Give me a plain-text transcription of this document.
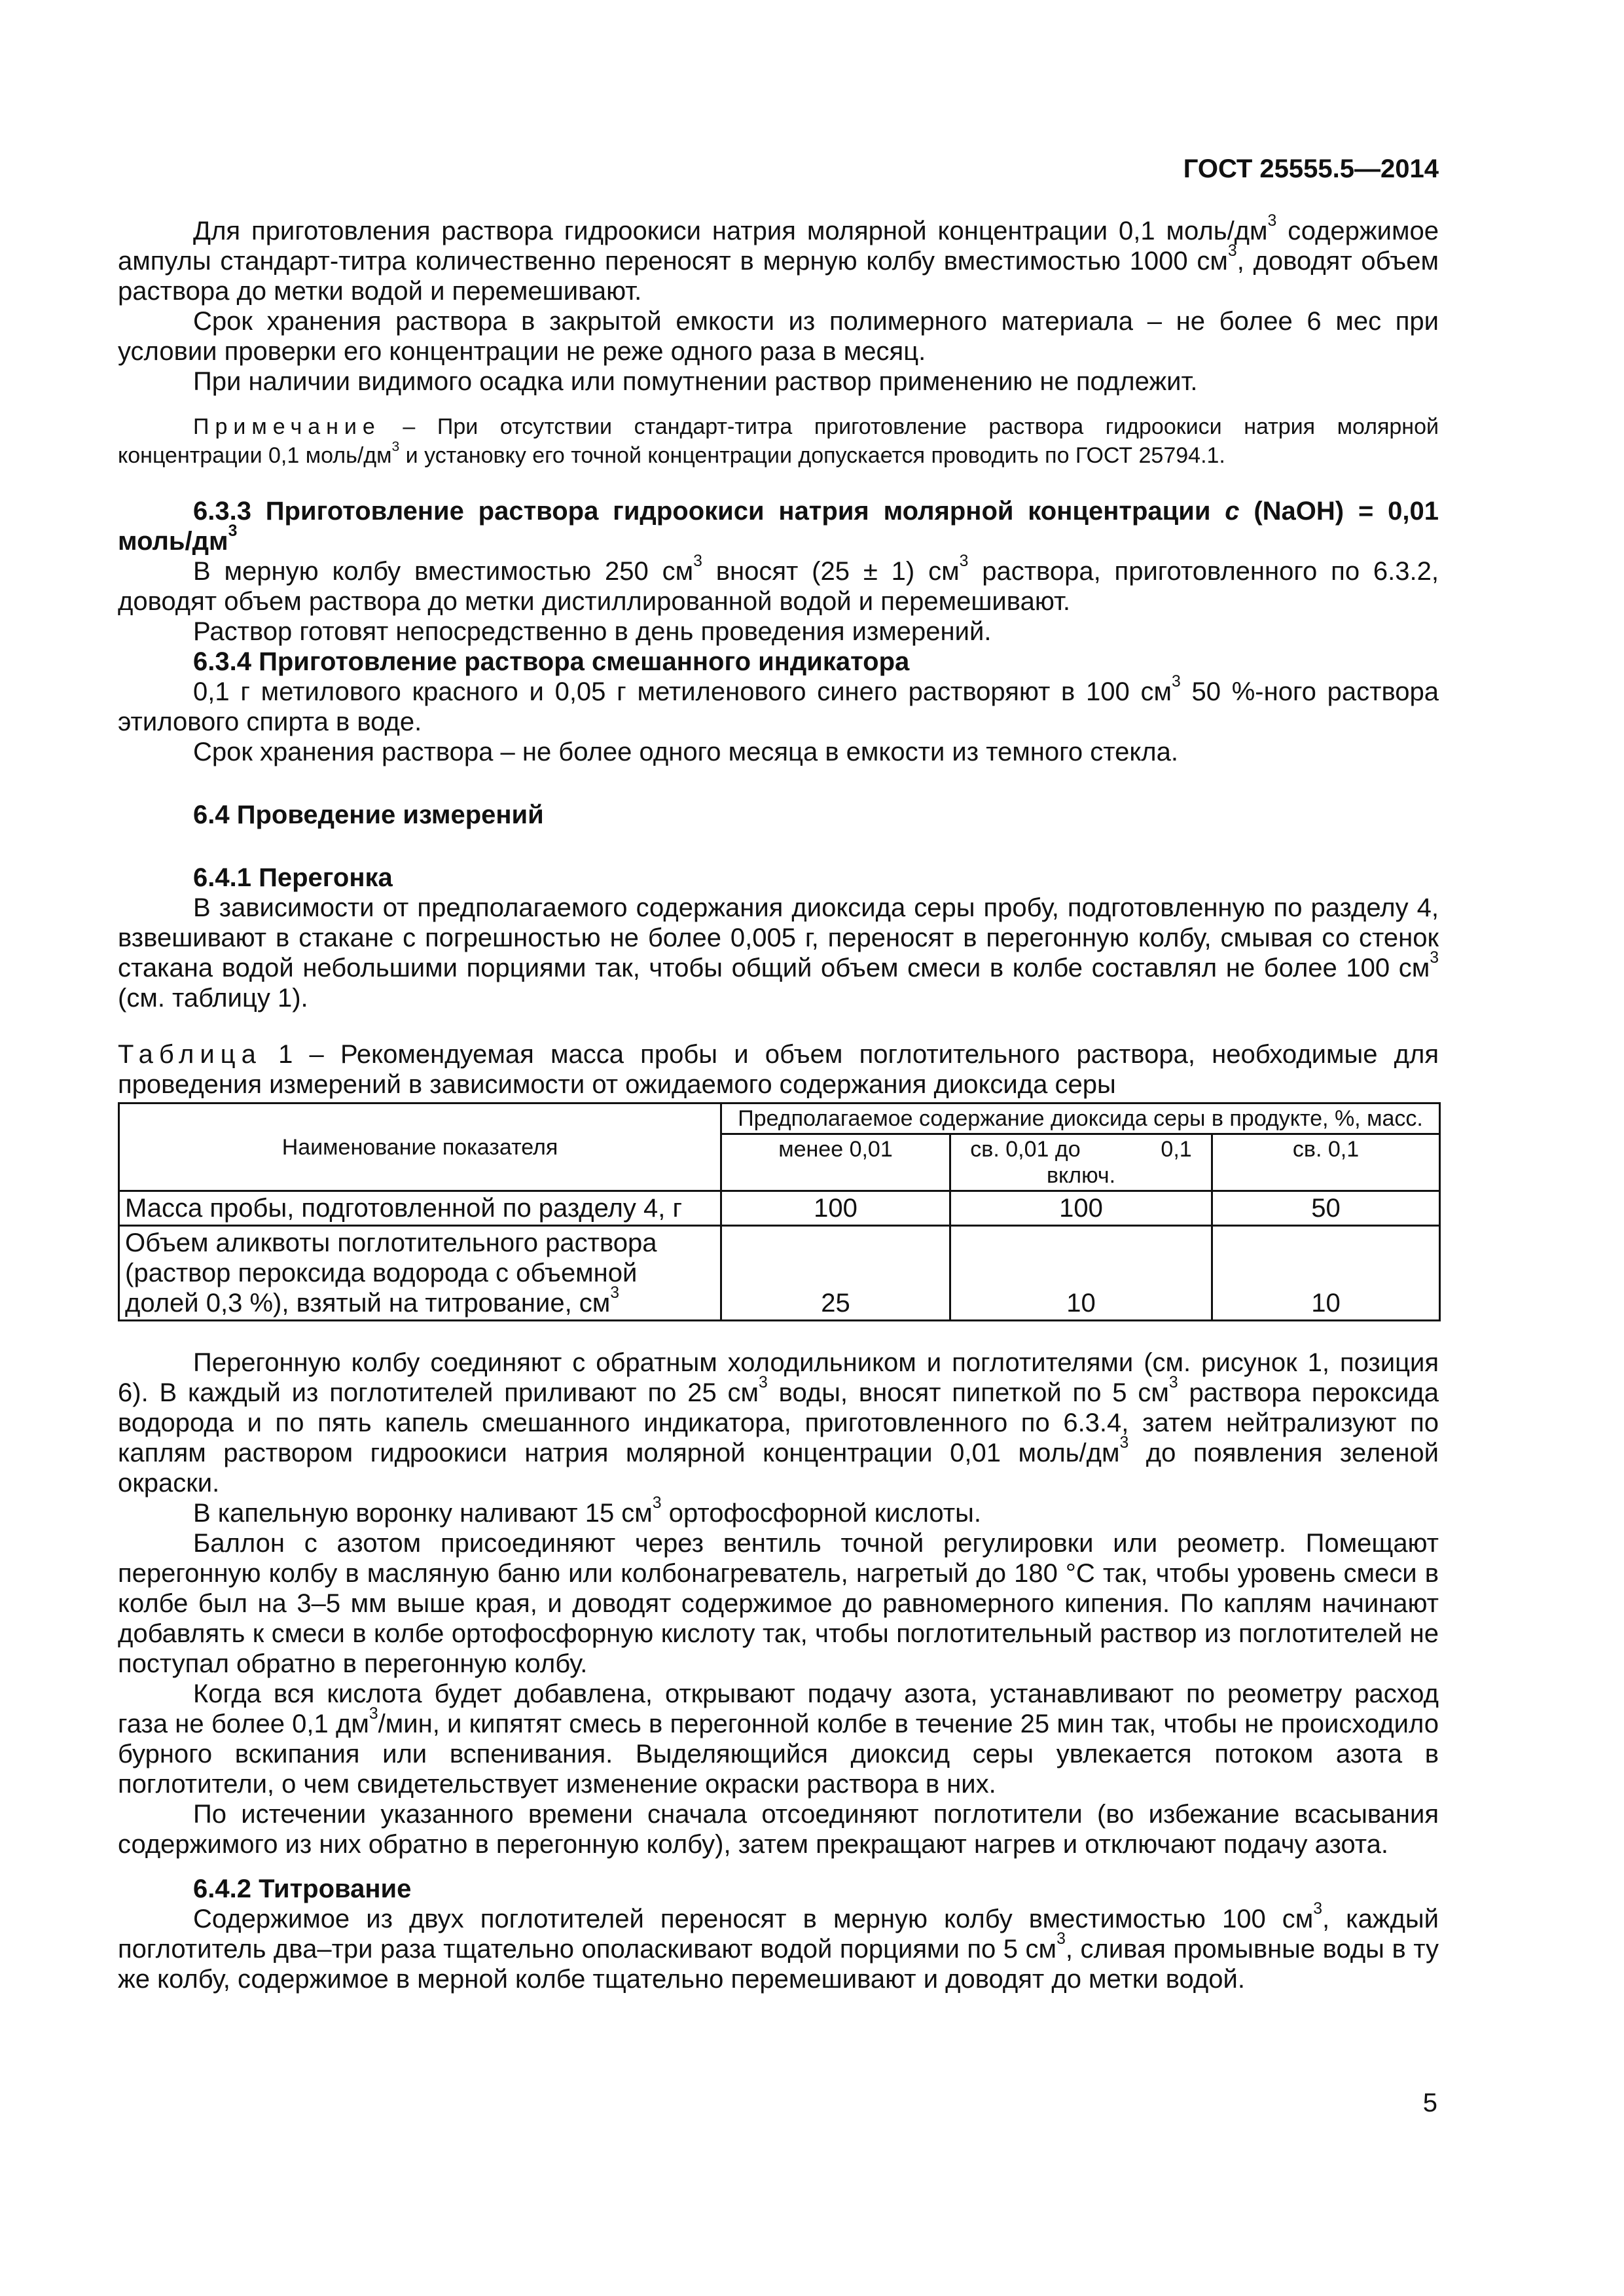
ГОСТ 25555.5—2014

Для приготовления раствора гидроокиси натрия молярной концентрации 0,1 моль/$дм^3$ содержимое ампулы стандарт-титра количественно переносят в мерную колбу вместимостью 1000 $см^3$, доводят объем раствора до метки водой и перемешивают.

Срок хранения раствора в закрытой емкости из полимерного материала – не более 6 мес при условии проверки его концентрации не реже одного раза в месяц.

При наличии видимого осадка или помутнении раствор применению не подлежит.

Примечание – При отсутствии стандарт-титра приготовление раствора гидроокиси натрия молярной концентрации 0,1 моль/$дм^3$ и установку его точной концентрации допускается проводить по ГОСТ 25794.1.

6.3.3 Приготовление раствора гидроокиси натрия молярной концентрации c (NaOH) = 0,01 моль/$дм^3$

В мерную колбу вместимостью 250 $см^3$ вносят (25 ± 1) $см^3$ раствора, приготовленного по 6.3.2, доводят объем раствора до метки дистиллированной водой и перемешивают.

Раствор готовят непосредственно в день проведения измерений.

6.3.4 Приготовление раствора смешанного индикатора

0,1 г метилового красного и 0,05 г метиленового синего растворяют в 100 $см^3$ 50 %-ного раствора этилового спирта в воде.

Срок хранения раствора – не более одного месяца в емкости из темного стекла.

6.4 Проведение измерений

6.4.1 Перегонка

В зависимости от предполагаемого содержания диоксида серы пробу, подготовленную по разделу 4, взвешивают в стакане с погрешностью не более 0,005 г, переносят в перегонную колбу, смывая со стенок стакана водой небольшими порциями так, чтобы общий объем смеси в колбе составлял не более 100 $см^3$ (см. таблицу 1).

Таблица 1 – Рекомендуемая масса пробы и объем поглотительного раствора, необходимые для проведения измерений в зависимости от ожидаемого содержания диоксида серы

Наименование показателя	Предполагаемое содержание диоксида серы в продукте, %, масс.		
	менее 0,01	св. 0,01 до             0,1 включ.	св. 0,1
Масса пробы, подготовленной по разделу 4, г	100	100	50
Объем аликвоты поглотительного раствора (раствор пероксида водорода с объемной долей 0,3 %), взятый на титрование, $см^3$	25	10	10

Перегонную колбу соединяют с обратным холодильником и поглотителями (см. рисунок 1, позиция 6). В каждый из поглотителей приливают по 25 $см^3$ воды, вносят пипеткой по 5 $см^3$ раствора пероксида водорода и по пять капель смешанного индикатора, приготовленного по 6.3.4, затем нейтрализуют по каплям раствором гидроокиси натрия молярной концентрации 0,01 моль/$дм^3$ до появления зеленой окраски.

В капельную воронку наливают 15 $см^3$ ортофосфорной кислоты.

Баллон с азотом присоединяют через вентиль точной регулировки или реометр. Помещают перегонную колбу в масляную баню или колбонагреватель, нагретый до 180 °С так, чтобы уровень смеси в колбе был на 3–5 мм выше края, и доводят содержимое до равномерного кипения. По каплям начинают добавлять к смеси в колбе ортофосфорную кислоту так, чтобы поглотительный раствор из поглотителей не поступал обратно в перегонную колбу.

Когда вся кислота будет добавлена, открывают подачу азота, устанавливают по реометру расход газа не более 0,1 $дм^3$/мин, и кипятят смесь в перегонной колбе в течение 25 мин так, чтобы не происходило бурного вскипания или вспенивания. Выделяющийся диоксид серы увлекается потоком азота в поглотители, о чем свидетельствует изменение окраски раствора в них.

По истечении указанного времени сначала отсоединяют поглотители (во избежание всасывания содержимого из них обратно в перегонную колбу), затем прекращают нагрев и отключают подачу азота.

6.4.2 Титрование

Содержимое из двух поглотителей переносят в мерную колбу вместимостью 100 $см^3$, каждый поглотитель два–три раза тщательно ополаскивают водой порциями по 5 $см^3$, сливая промывные воды в ту же колбу, содержимое в мерной колбе тщательно перемешивают и доводят до метки водой.

5
